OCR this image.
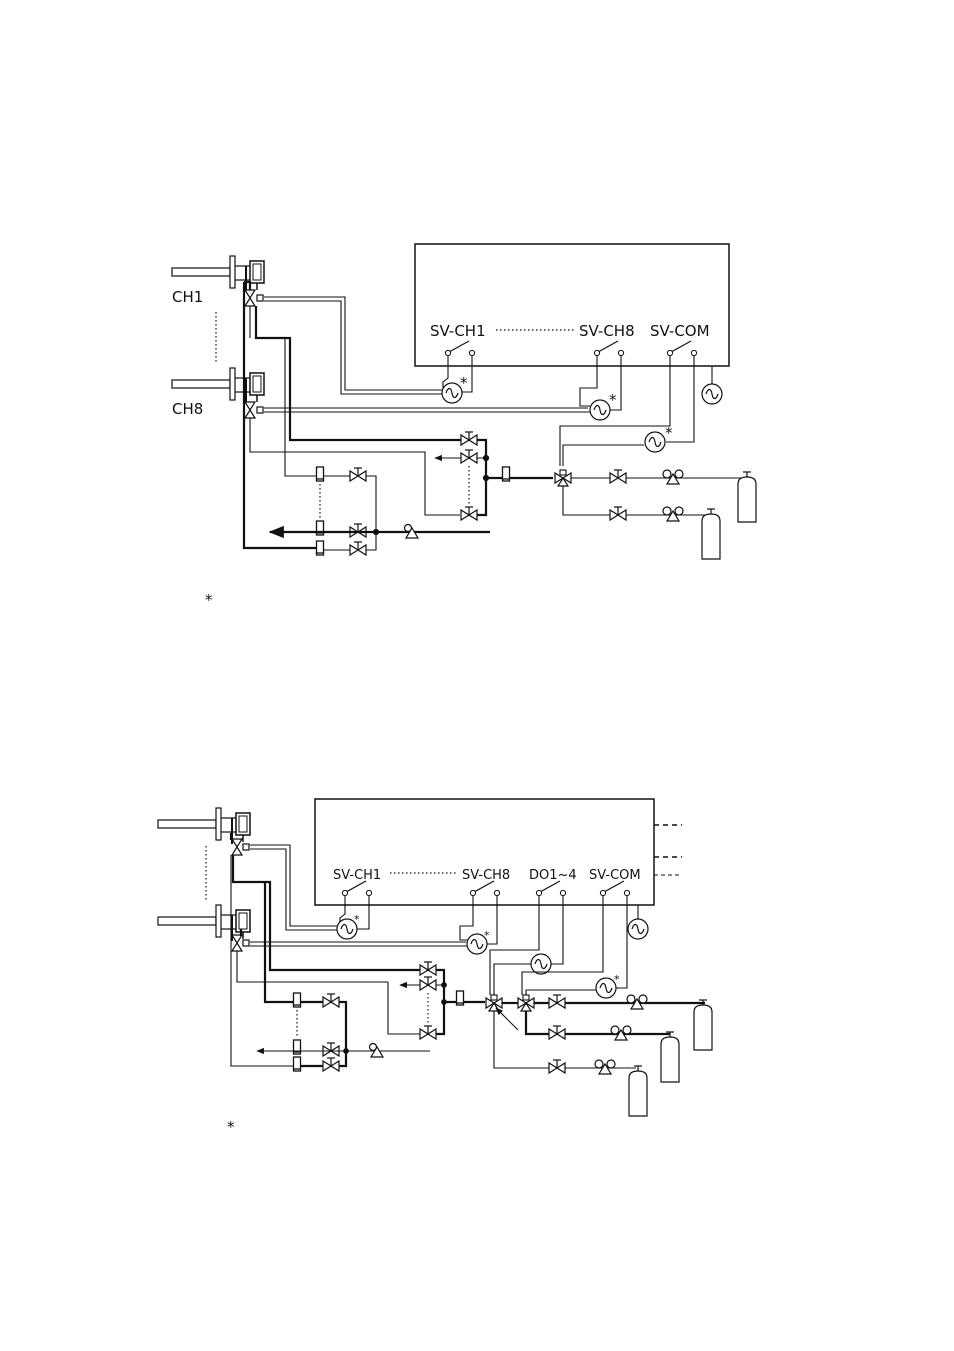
CH1
CH8
SV-CH1	SV-CH8 SV-COM
*
*
*
*
SV-CH1	SV-CH8 DO1~4 SV-COM
*
*
*
*
